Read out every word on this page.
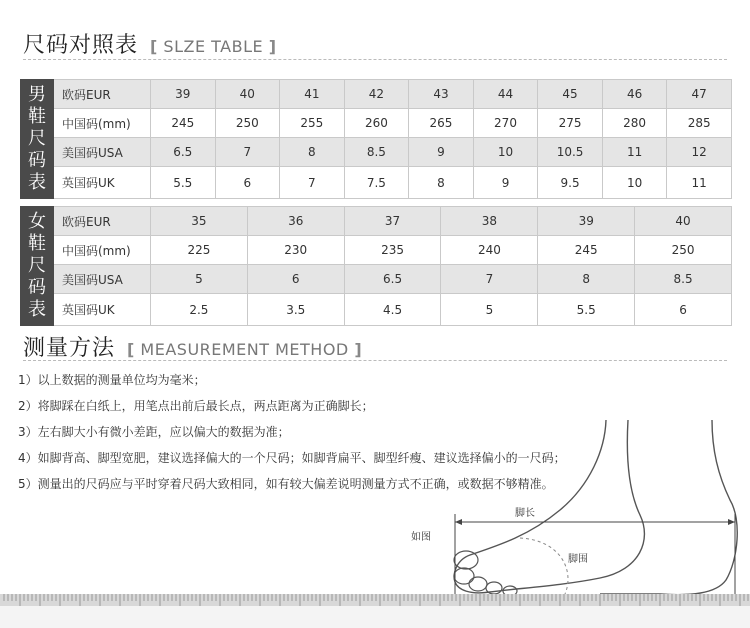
尺码对照表 [ SLZE TABLE ]
男
鞋
尺
码
表	欧码EUR	39	40	41	42	43	44	45	46	47
	中国码(mm)	245	250	255	260	265	270	275	280	285
	美国码USA	6.5	7	8	8.5	9	10	10.5	11	12
	英国码UK	5.5	6	7	7.5	8	9	9.5	10	11
女
鞋
尺
码
表	欧码EUR	35	36	37	38	39	40
	中国码(mm)	225	230	235	240	245	250
	美国码USA	5	6	6.5	7	8	8.5
	英国码UK	2.5	3.5	4.5	5	5.5	6
测量方法 [ MEASUREMENT METHOD ]
1）以上数据的测量单位均为毫米；
2）将脚踩在白纸上，用笔点出前后最长点，两点距离为正确脚长；
3）左右脚大小有微小差距，应以偏大的数据为准；
4）如脚背高、脚型宽肥，建议选择偏大的一个尺码；如脚背扁平、脚型纤瘦、建议选择偏小的一尺码；
5）测量出的尺码应与平时穿着尺码大致相同，如有较大偏差说明测量方式不正确，或数据不够精准。
脚长
如图
脚围
